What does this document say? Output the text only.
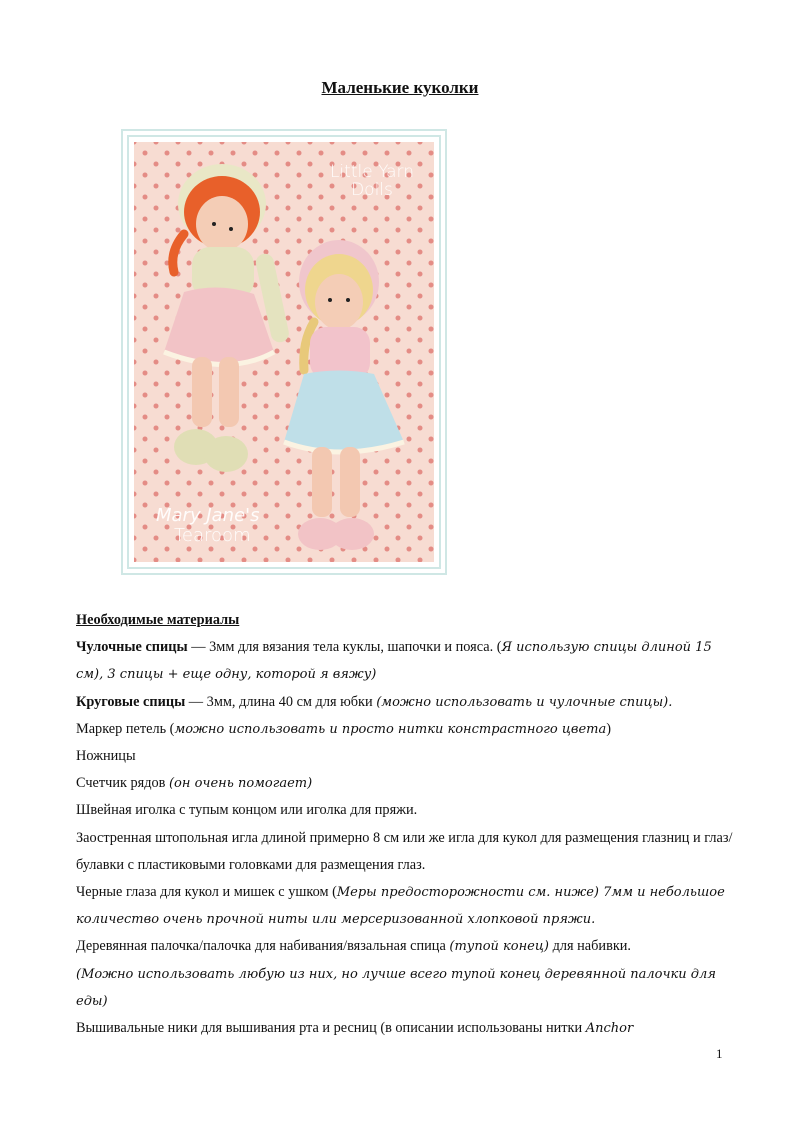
Маленькие куколки
Little Yarn
Dolls
Mary Jane's
Tearoom

Необходимые материалы

Чулочные спицы — 3мм для вязания тела куклы, шапочки и пояса. (Я использую спицы длиной 15 см), 3 спицы + еще одну, которой я вяжу)

Круговые спицы — 3мм, длина 40 см для юбки (можно использовать и чулочные спицы).

Маркер петель (можно использовать и просто нитки констрастного цвета)

Ножницы

Счетчик рядов (он очень помогает)

Швейная иголка с тупым концом или иголка для пряжи.

Заостренная штопольная игла длиной примерно 8 см или же игла для кукол для размещения глазниц и глаз/булавки с пластиковыми головками для размещения глаз.

Черные глаза для кукол и мишек с ушком (Меры предосторожности см. ниже) 7мм и небольшое количество очень прочной ниты или мерсеризованной хлопковой пряжи.

Деревянная палочка/палочка для набивания/вязальная спица (тупой конец) для набивки.

(Можно использовать любую из них, но лучше всего тупой конец деревянной палочки для еды)

Вышивальные ники для вышивания рта и ресниц (в описании использованы нитки Anchor

1
